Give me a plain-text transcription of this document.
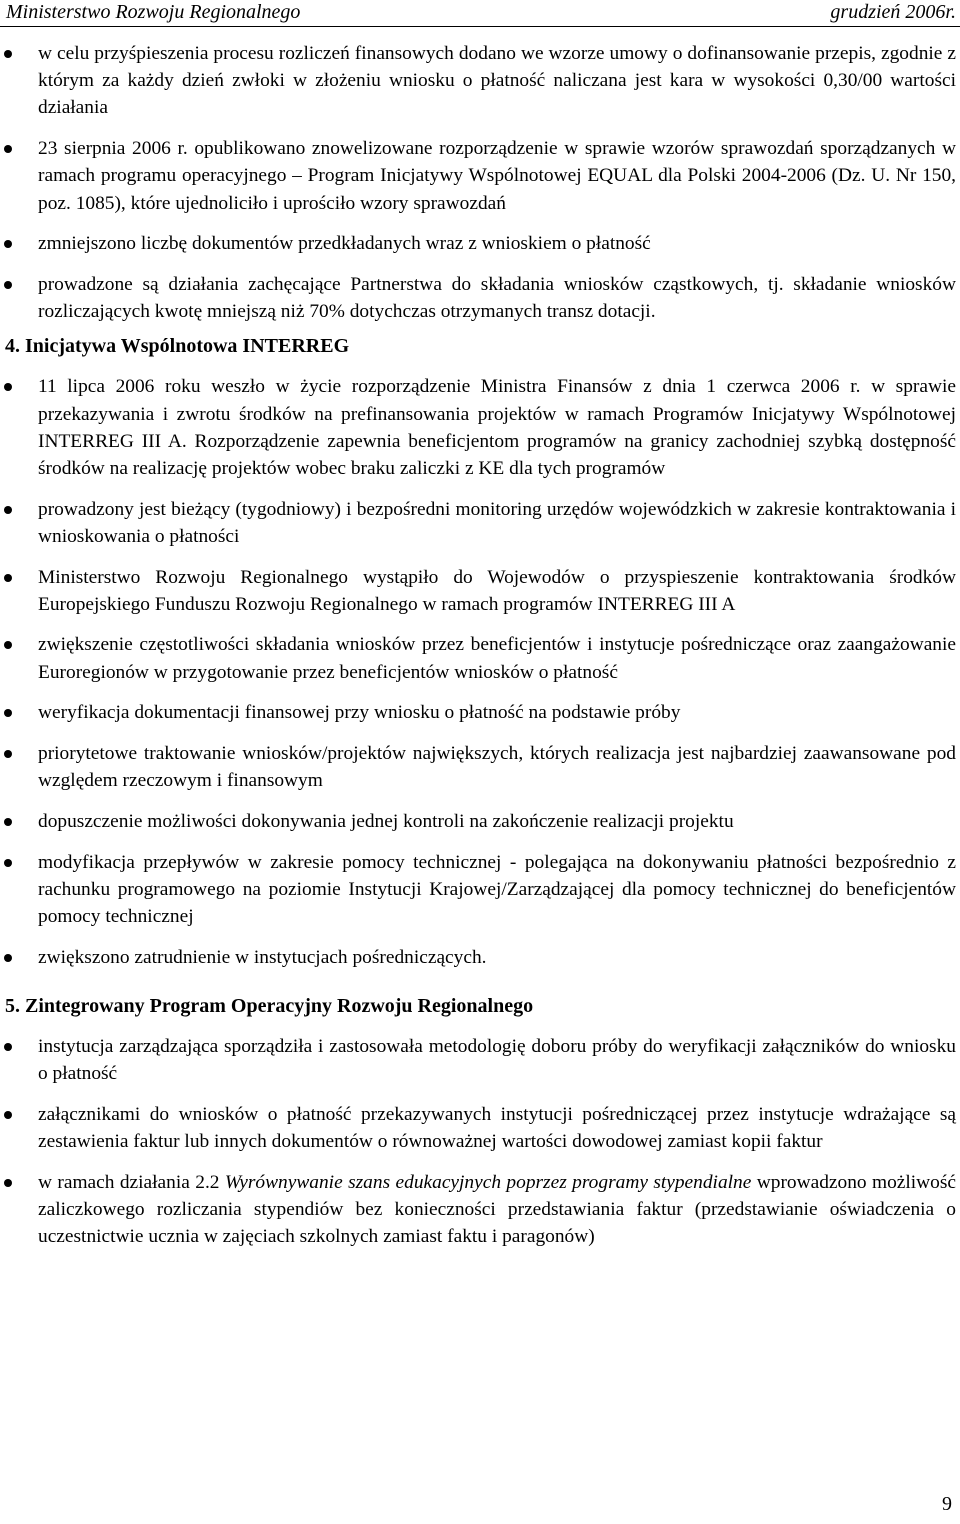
Ministerstwo Rozwoju Regionalnego	grudzień 2006r.
w celu przyśpieszenia procesu rozliczeń finansowych dodano we wzorze umowy o dofinansowanie przepis, zgodnie z którym za każdy dzień zwłoki w złożeniu wniosku o płatność naliczana jest kara w wysokości 0,30/00 wartości działania
23 sierpnia 2006 r. opublikowano znowelizowane rozporządzenie w sprawie wzorów sprawozdań sporządzanych w ramach programu operacyjnego – Program Inicjatywy Wspólnotowej EQUAL dla Polski 2004-2006 (Dz. U. Nr 150, poz. 1085), które ujednoliciło i uprościło wzory sprawozdań
zmniejszono liczbę dokumentów przedkładanych wraz z wnioskiem o płatność
prowadzone są działania zachęcające Partnerstwa do składania wniosków cząstkowych, tj. składanie wniosków rozliczających kwotę mniejszą niż 70% dotychczas otrzymanych transz dotacji.
4. Inicjatywa Wspólnotowa INTERREG
11 lipca 2006 roku weszło w życie rozporządzenie Ministra Finansów z dnia 1 czerwca 2006 r. w sprawie przekazywania i zwrotu środków na prefinansowania projektów w ramach Programów Inicjatywy Wspólnotowej INTERREG III A. Rozporządzenie zapewnia beneficjentom programów na granicy zachodniej szybką dostępność środków na realizację projektów wobec braku zaliczki z KE dla tych programów
prowadzony jest bieżący (tygodniowy) i bezpośredni monitoring urzędów wojewódzkich w zakresie kontraktowania i wnioskowania o płatności
Ministerstwo Rozwoju Regionalnego wystąpiło do Wojewodów o przyspieszenie kontraktowania środków Europejskiego Funduszu Rozwoju Regionalnego w ramach programów INTERREG III A
zwiększenie częstotliwości składania wniosków przez beneficjentów i instytucje pośredniczące oraz zaangażowanie Euroregionów w przygotowanie przez beneficjentów wniosków o płatność
weryfikacja dokumentacji finansowej przy wniosku o płatność na podstawie próby
priorytetowe traktowanie wniosków/projektów największych, których realizacja jest najbardziej zaawansowane pod względem rzeczowym i finansowym
dopuszczenie możliwości dokonywania jednej kontroli na zakończenie realizacji projektu
modyfikacja przepływów w zakresie pomocy technicznej - polegająca na dokonywaniu płatności bezpośrednio z rachunku programowego na poziomie Instytucji Krajowej/Zarządzającej dla pomocy technicznej do beneficjentów pomocy technicznej
zwiększono zatrudnienie w instytucjach pośredniczących.
5. Zintegrowany Program Operacyjny Rozwoju Regionalnego
instytucja zarządzająca sporządziła i zastosowała metodologię doboru próby do weryfikacji załączników do wniosku o płatność
załącznikami do wniosków o płatność przekazywanych instytucji pośredniczącej przez instytucje wdrażające są zestawienia faktur lub innych dokumentów o równoważnej wartości dowodowej zamiast kopii faktur
w ramach działania 2.2 Wyrównywanie szans edukacyjnych poprzez programy stypendialne wprowadzono możliwość zaliczkowego rozliczania stypendiów bez konieczności przedstawiania faktur (przedstawianie oświadczenia o uczestnictwie ucznia w zajęciach szkolnych zamiast faktu i paragonów)
9
